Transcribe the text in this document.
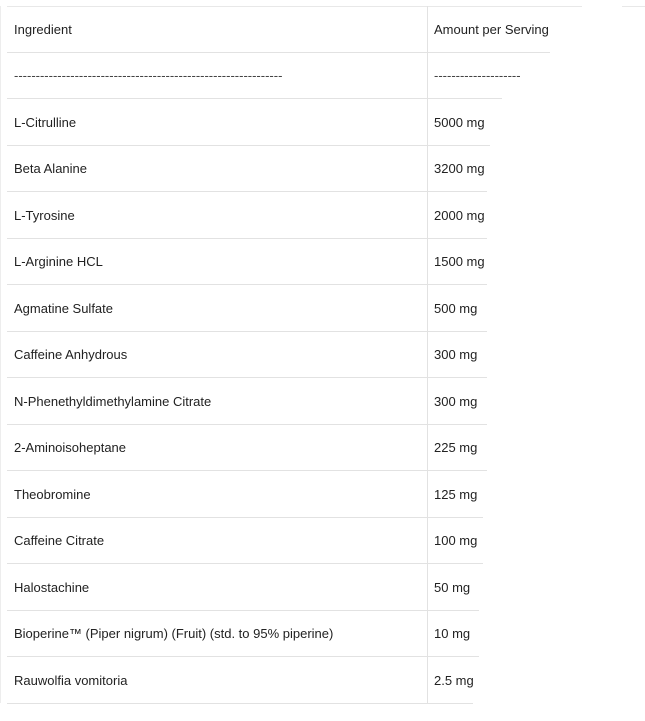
Ingredient	Amount per Serving
--------------------------------------------------------------	--------------------
L-Citrulline	5000 mg
Beta Alanine	3200 mg
L-Tyrosine	2000 mg
L-Arginine HCL	1500 mg
Agmatine Sulfate	500 mg
Caffeine Anhydrous	300 mg
N-Phenethyldimethylamine Citrate	300 mg
2-Aminoisoheptane	225 mg
Theobromine	125 mg
Caffeine Citrate	100 mg
Halostachine	50 mg
Bioperine™ (Piper nigrum) (Fruit) (std. to 95% piperine)	10 mg
Rauwolfia vomitoria	2.5 mg
